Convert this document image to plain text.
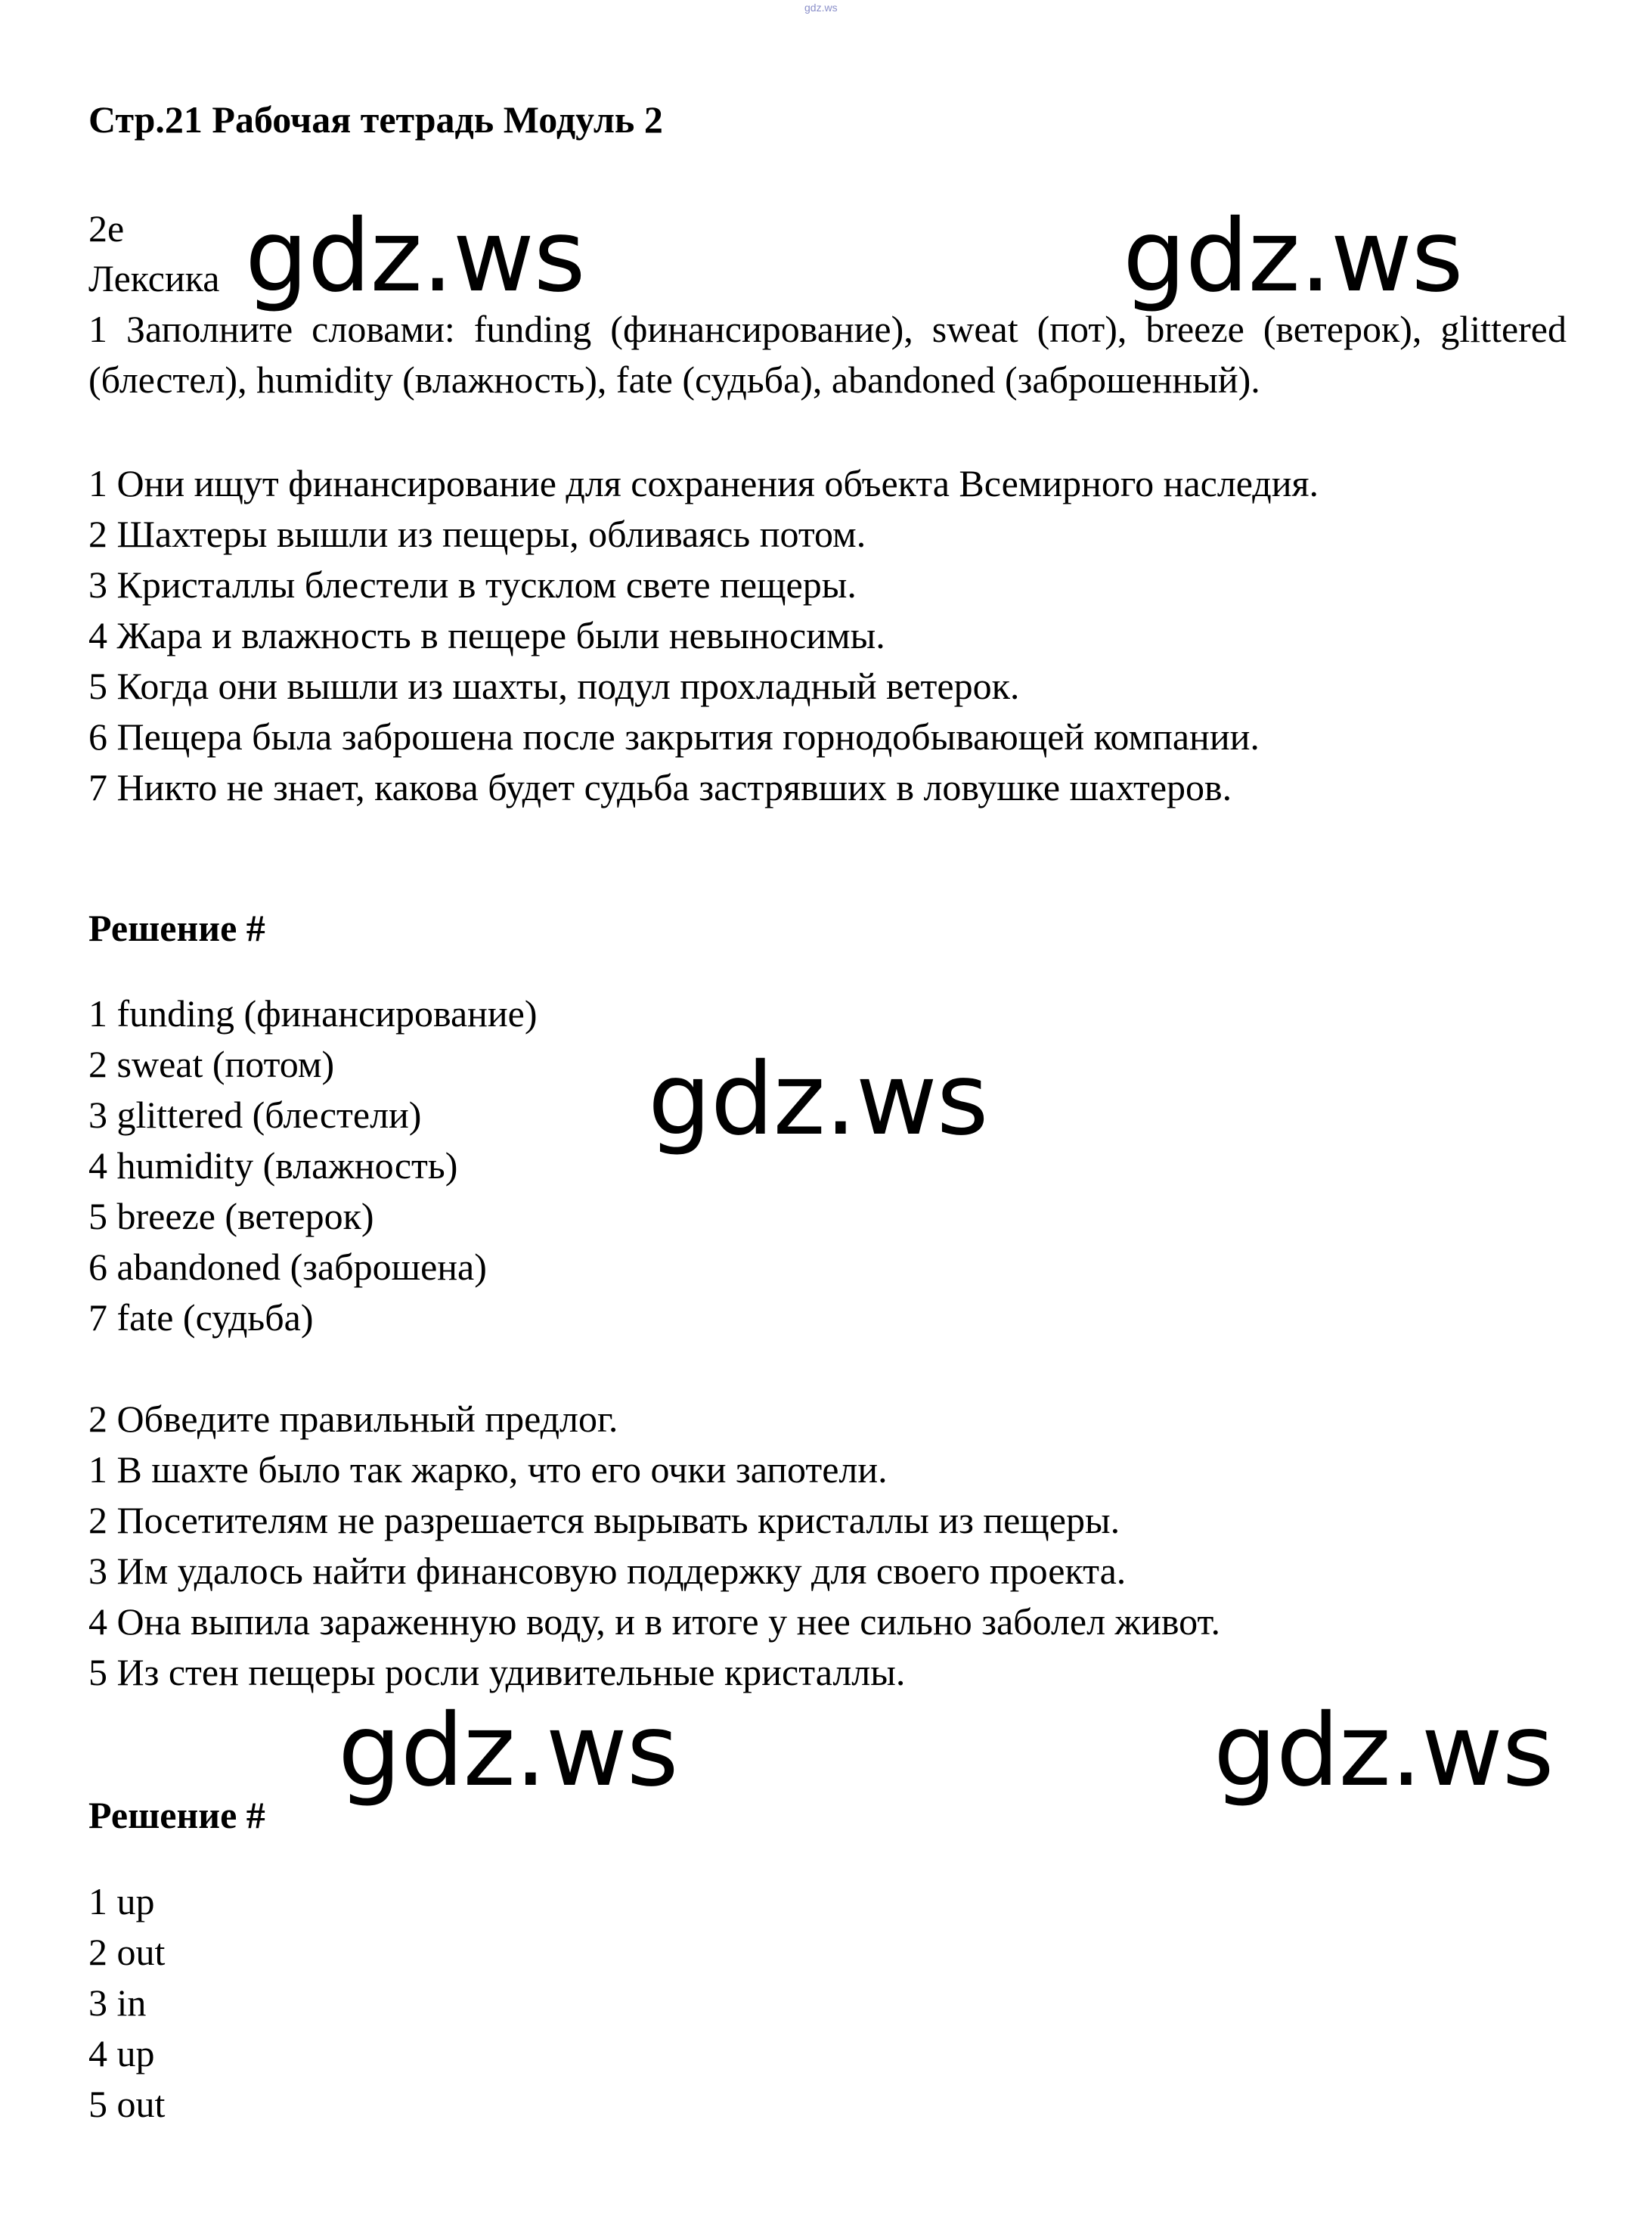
gdz.ws
Стр.21 Рабочая тетрадь Модуль 2
2e
Лексика
1 Заполните словами: funding (финансирование), sweat (пот), breeze (ветерок), glittered (блестел), humidity (влажность), fate (судьба), abandoned (заброшенный).
1 Они ищут финансирование для сохранения объекта Всемирного наследия.
2 Шахтеры вышли из пещеры, обливаясь потом.
3 Кристаллы блестели в тусклом свете пещеры.
4 Жара и влажность в пещере были невыносимы.
5 Когда они вышли из шахты, подул прохладный ветерок.
6 Пещера была заброшена после закрытия горнодобывающей компании.
7 Никто не знает, какова будет судьба застрявших в ловушке шахтеров.
Решение #
1 funding (финансирование)
2 sweat (потом)
3 glittered (блестели)
4 humidity (влажность)
5 breeze (ветерок)
6 abandoned (заброшена)
7 fate (судьба)
2 Обведите правильный предлог.
1 В шахте было так жарко, что его очки запотели.
2 Посетителям не разрешается вырывать кристаллы из пещеры.
3 Им удалось найти финансовую поддержку для своего проекта.
4 Она выпила зараженную воду, и в итоге у нее сильно заболел живот.
5 Из стен пещеры росли удивительные кристаллы.
Решение #
1 up
2 out
3 in
4 up
5 out
gdz.ws	gdz.ws
gdz.ws
gdz.ws	gdz.ws
